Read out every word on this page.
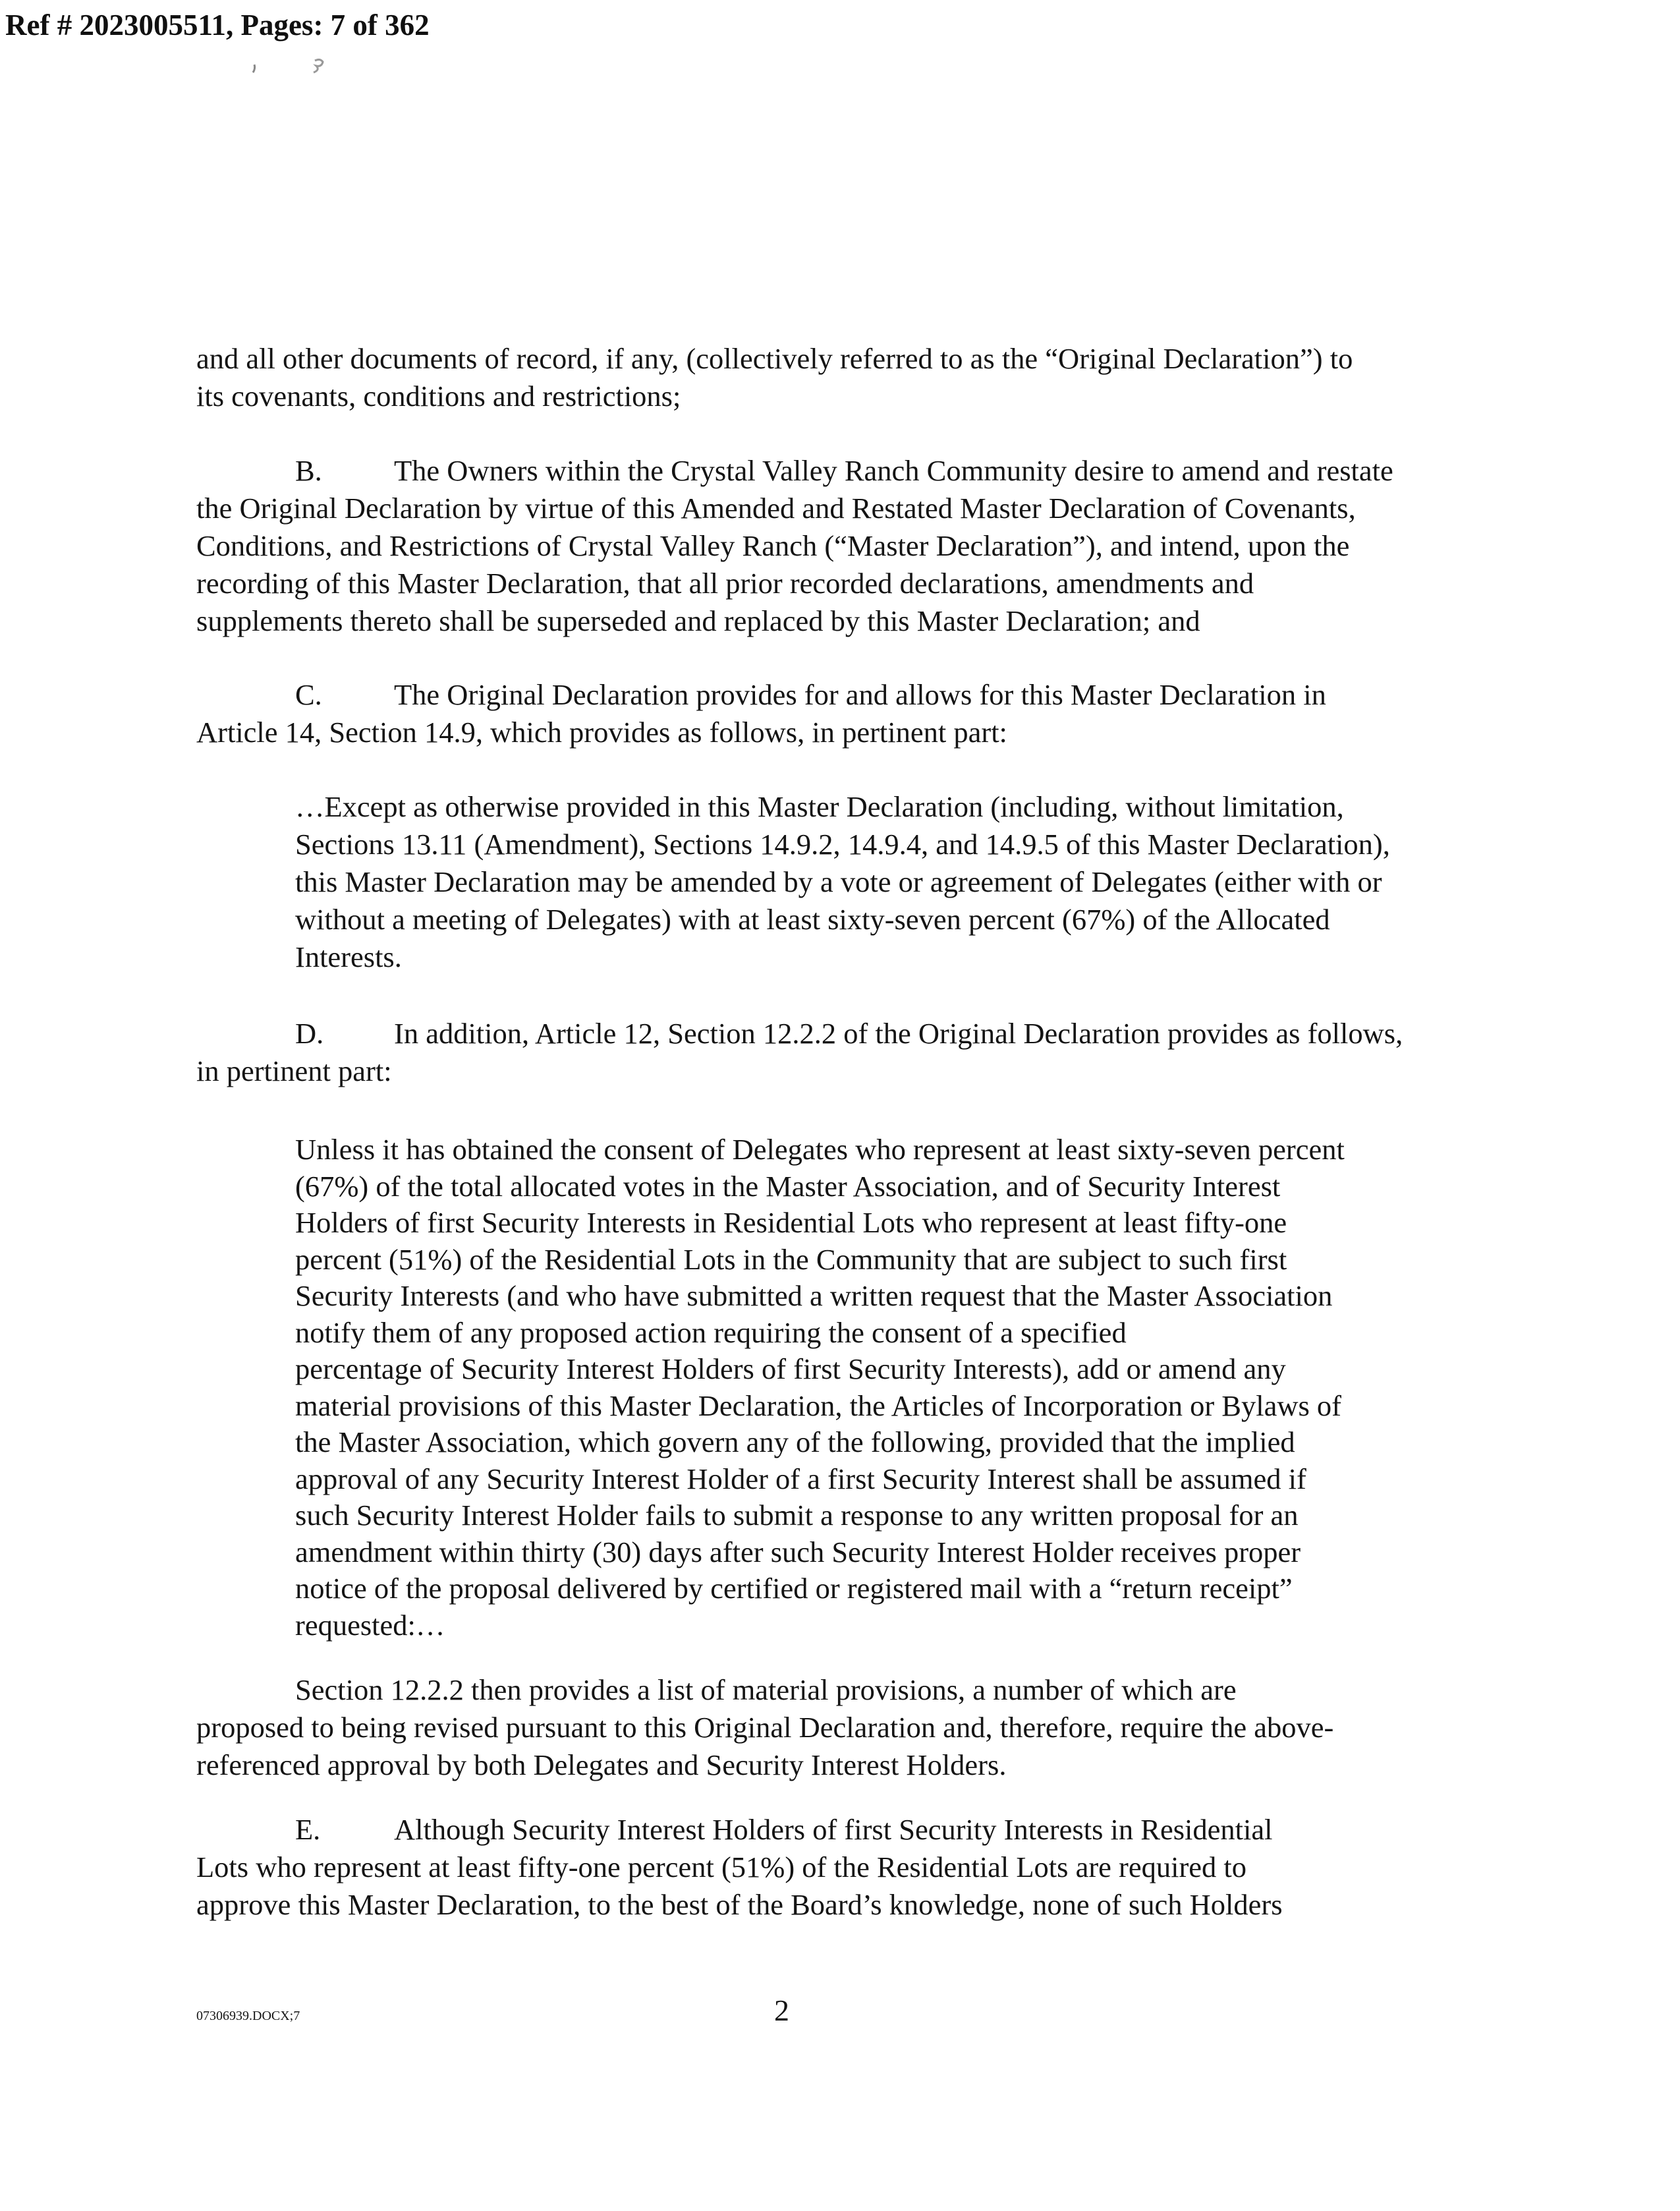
Ref # 2023005511, Pages: 7 of 362

and all other documents of record, if any, (collectively referred to as the “Original Declaration”) to

its covenants, conditions and restrictions;

B. The Owners within the Crystal Valley Ranch Community desire to amend and restate

the Original Declaration by virtue of this Amended and Restated Master Declaration of Covenants,

Conditions, and Restrictions of Crystal Valley Ranch (“Master Declaration”), and intend, upon the

recording of this Master Declaration, that all prior recorded declarations, amendments and

supplements thereto shall be superseded and replaced by this Master Declaration; and

C. The Original Declaration provides for and allows for this Master Declaration in

Article 14, Section 14.9, which provides as follows, in pertinent part:

…Except as otherwise provided in this Master Declaration (including, without limitation,

Sections 13.11 (Amendment), Sections 14.9.2, 14.9.4, and 14.9.5 of this Master Declaration),

this Master Declaration may be amended by a vote or agreement of Delegates (either with or

without a meeting of Delegates) with at least sixty-seven percent (67%) of the Allocated

Interests.

D. In addition, Article 12, Section 12.2.2 of the Original Declaration provides as follows,

in pertinent part:

Unless it has obtained the consent of Delegates who represent at least sixty-seven percent

(67%) of the total allocated votes in the Master Association, and of Security Interest

Holders of first Security Interests in Residential Lots who represent at least fifty-one

percent (51%) of the Residential Lots in the Community that are subject to such first

Security Interests (and who have submitted a written request that the Master Association

notify them of any proposed action requiring the consent of a specified

percentage of Security Interest Holders of first Security Interests), add or amend any

material provisions of this Master Declaration, the Articles of Incorporation or Bylaws of

the Master Association, which govern any of the following, provided that the implied

approval of any Security Interest Holder of a first Security Interest shall be assumed if

such Security Interest Holder fails to submit a response to any written proposal for an

amendment within thirty (30) days after such Security Interest Holder receives proper

notice of the proposal delivered by certified or registered mail with a “return receipt”

requested:…

Section 12.2.2 then provides a list of material provisions, a number of which are

proposed to being revised pursuant to this Original Declaration and, therefore, require the above-

referenced approval by both Delegates and Security Interest Holders.

E.	Although Security Interest Holders of first Security Interests in Residential

Lots who represent at least fifty-one percent (51%) of the Residential Lots are required to

approve this Master Declaration, to the best of the Board’s knowledge, none of such Holders

07306939.DOCX;7	2
